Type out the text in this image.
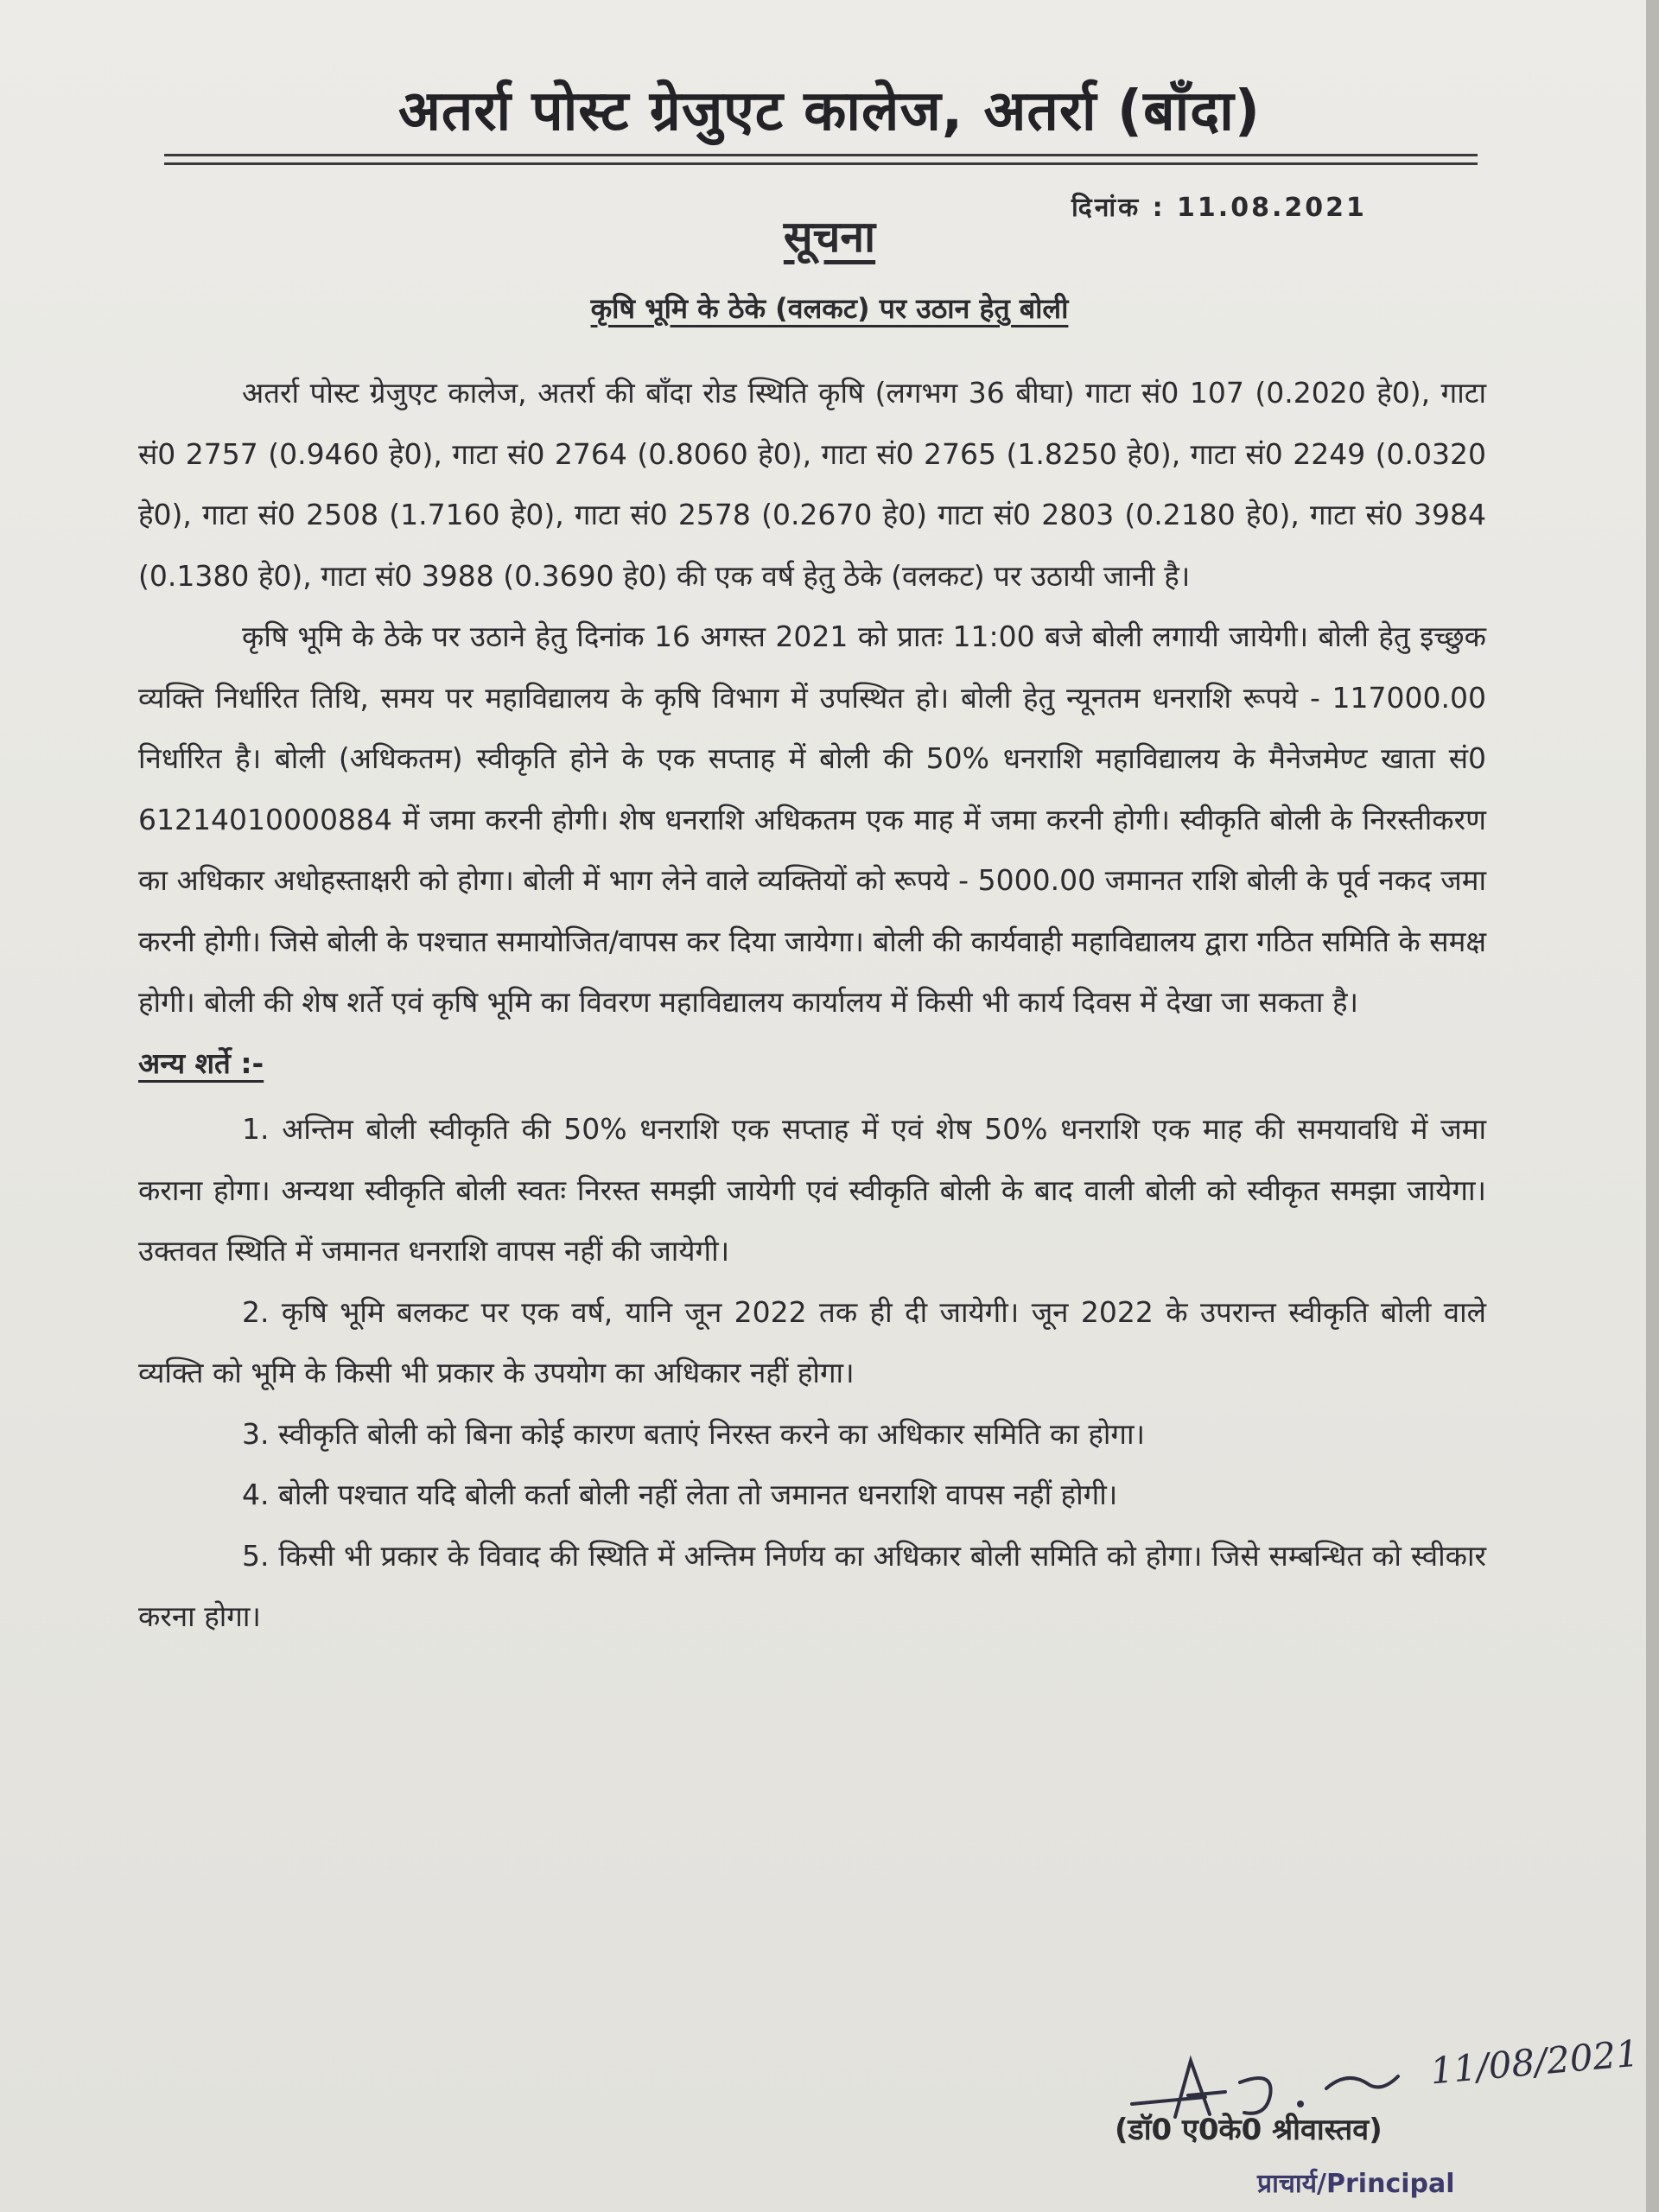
अतर्रा पोस्ट ग्रेजुएट कालेज, अतर्रा (बाँदा)
दिनांक : 11.08.2021
सूचना
कृषि भूमि के ठेके (वलकट) पर उठान हेतु बोली

अतर्रा पोस्ट ग्रेजुएट कालेज, अतर्रा की बाँदा रोड स्थिति कृषि (लगभग 36 बीघा) गाटा सं0 107 (0.2020 हे0), गाटा सं0 2757 (0.9460 हे0), गाटा सं0 2764 (0.8060 हे0), गाटा सं0 2765 (1.8250 हे0), गाटा सं0 2249 (0.0320 हे0), गाटा सं0 2508 (1.7160 हे0), गाटा सं0 2578 (0.2670 हे0) गाटा सं0 2803 (0.2180 हे0), गाटा सं0 3984 (0.1380 हे0), गाटा सं0 3988 (0.3690 हे0) की एक वर्ष हेतु ठेके (वलकट) पर उठायी जानी है।

कृषि भूमि के ठेके पर उठाने हेतु दिनांक 16 अगस्त 2021 को प्रातः 11:00 बजे बोली लगायी जायेगी। बोली हेतु इच्छुक व्यक्ति निर्धारित तिथि, समय पर महाविद्यालय के कृषि विभाग में उपस्थित हो। बोली हेतु न्यूनतम धनराशि रूपये - 117000.00 निर्धारित है। बोली (अधिकतम) स्वीकृति होने के एक सप्ताह में बोली की 50% धनराशि महाविद्यालय के मैनेजमेण्ट खाता सं0 61214010000884 में जमा करनी होगी। शेष धनराशि अधिकतम एक माह में जमा करनी होगी। स्वीकृति बोली के निरस्तीकरण का अधिकार अधोहस्ताक्षरी को होगा। बोली में भाग लेने वाले व्यक्तियों को रूपये - 5000.00 जमानत राशि बोली के पूर्व नकद जमा करनी होगी। जिसे बोली के पश्चात समायोजित/वापस कर दिया जायेगा। बोली की कार्यवाही महाविद्यालय द्वारा गठित समिति के समक्ष होगी। बोली की शेष शर्ते एवं कृषि भूमि का विवरण महाविद्यालय कार्यालय में किसी भी कार्य दिवस में देखा जा सकता है।

अन्य शर्ते :-

1. अन्तिम बोली स्वीकृति की 50% धनराशि एक सप्ताह में एवं शेष 50% धनराशि एक माह की समयावधि में जमा कराना होगा। अन्यथा स्वीकृति बोली स्वतः निरस्त समझी जायेगी एवं स्वीकृति बोली के बाद वाली बोली को स्वीकृत समझा जायेगा। उक्तवत स्थिति में जमानत धनराशि वापस नहीं की जायेगी।

2. कृषि भूमि बलकट पर एक वर्ष, यानि जून 2022 तक ही दी जायेगी। जून 2022 के उपरान्त स्वीकृति बोली वाले व्यक्ति को भूमि के किसी भी प्रकार के उपयोग का अधिकार नहीं होगा।

3. स्वीकृति बोली को बिना कोई कारण बताएं निरस्त करने का अधिकार समिति का होगा।

4. बोली पश्चात यदि बोली कर्ता बोली नहीं लेता तो जमानत धनराशि वापस नहीं होगी।

5. किसी भी प्रकार के विवाद की स्थिति में अन्तिम निर्णय का अधिकार बोली समिति को होगा। जिसे सम्बन्धित को स्वीकार करना होगा।

11/08/2021
(डॉ0 ए0के0 श्रीवास्तव)
प्राचार्य/Principal
